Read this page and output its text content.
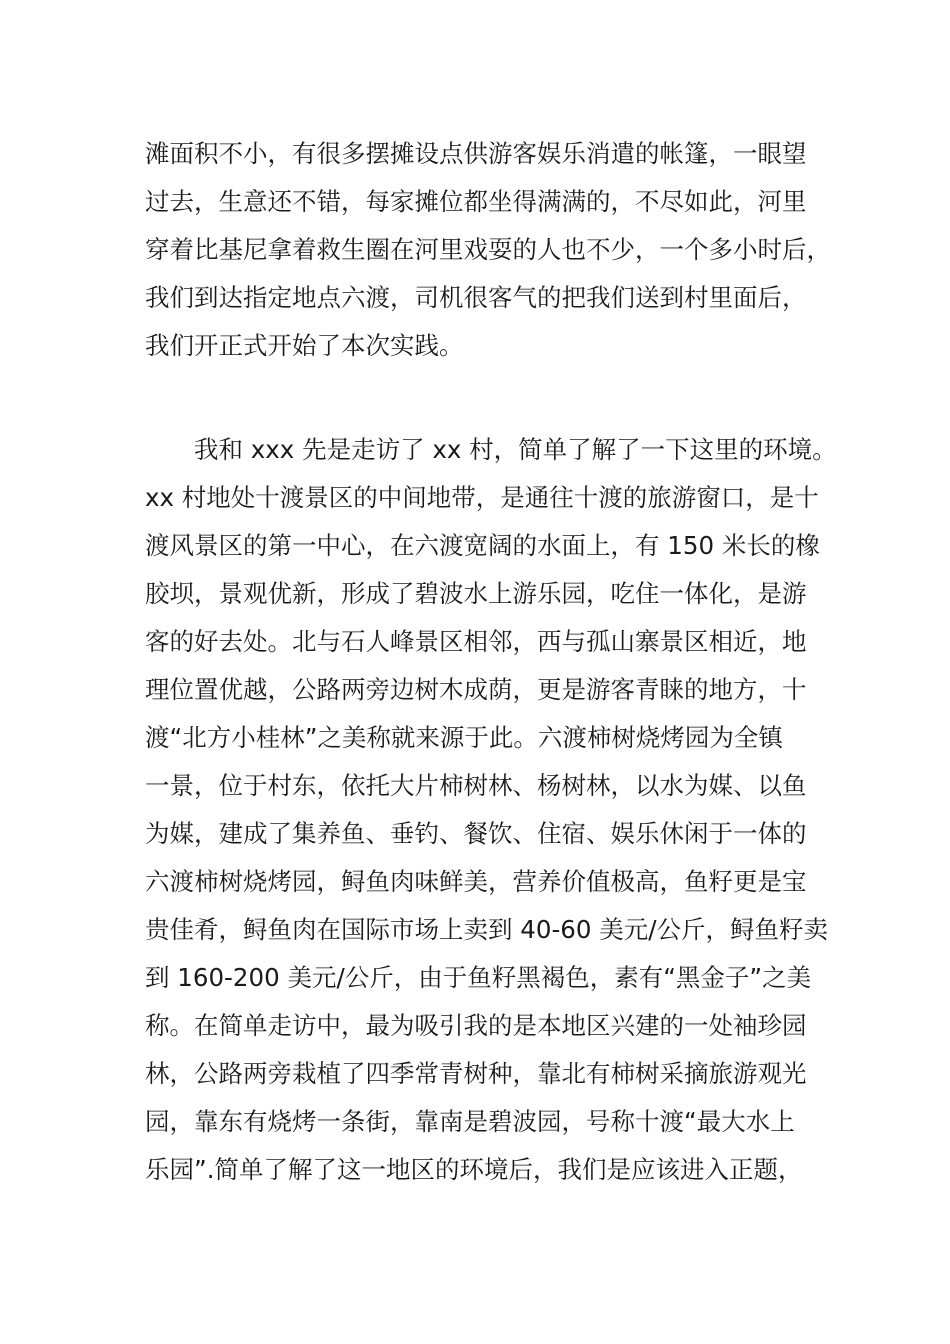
滩面积不小，有很多摆摊设点供游客娱乐消遣的帐篷，一眼望
过去，生意还不错，每家摊位都坐得满满的，不尽如此，河里
穿着比基尼拿着救生圈在河里戏耍的人也不少，一个多小时后，
我们到达指定地点六渡，司机很客气的把我们送到村里面后，
我们开正式开始了本次实践。
我和 xxx 先是走访了 xx 村，简单了解了一下这里的环境。
xx 村地处十渡景区的中间地带，是通往十渡的旅游窗口，是十
渡风景区的第一中心，在六渡宽阔的水面上，有 150 米长的橡
胶坝，景观优新，形成了碧波水上游乐园，吃住一体化，是游
客的好去处。北与石人峰景区相邻，西与孤山寨景区相近，地
理位置优越，公路两旁边树木成荫，更是游客青睐的地方，十
渡“北方小桂林”之美称就来源于此。六渡柿树烧烤园为全镇
一景，位于村东，依托大片柿树林、杨树林，以水为媒、以鱼
为媒，建成了集养鱼、垂钓、餐饮、住宿、娱乐休闲于一体的
六渡柿树烧烤园，鲟鱼肉味鲜美，营养价值极高，鱼籽更是宝
贵佳肴，鲟鱼肉在国际市场上卖到 40-60 美元/公斤，鲟鱼籽卖
到 160-200 美元/公斤，由于鱼籽黑褐色，素有“黑金子”之美
称。在简单走访中，最为吸引我的是本地区兴建的一处袖珍园
林，公路两旁栽植了四季常青树种，靠北有柿树采摘旅游观光
园，靠东有烧烤一条街，靠南是碧波园，号称十渡“最大水上
乐园”.简单了解了这一地区的环境后，我们是应该进入正题，
